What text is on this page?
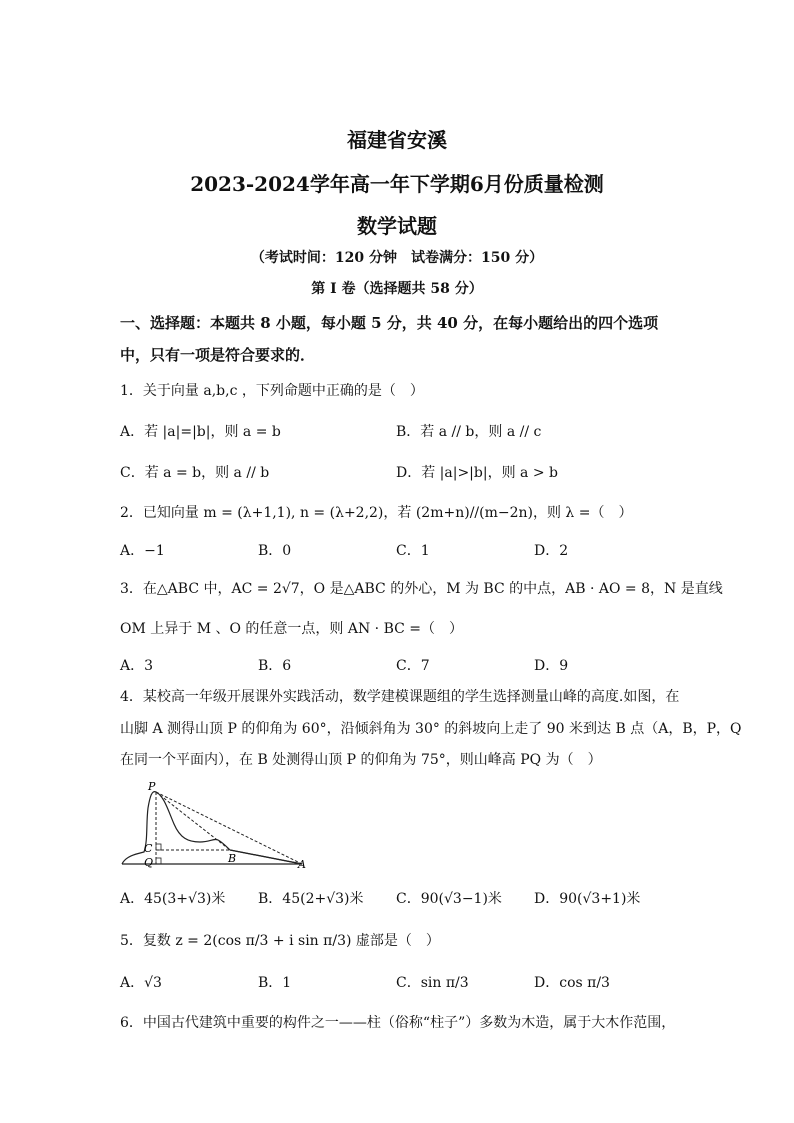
福建省安溪
2023-2024学年高一年下学期6月份质量检测
数学试题
（考试时间：120 分钟　试卷满分：150 分）
第 I 卷（选择题共 58 分）
一、选择题：本题共 8 小题，每小题 5 分，共 40 分，在每小题给出的四个选项
中，只有一项是符合要求的．
1．关于向量 a,b,c ，下列命题中正确的是（　）
A．若 |a|=|b|，则 a = b	B．若 a // b，则 a // c
C．若 a = b，则 a // b	D．若 |a|>|b|，则 a > b
2．已知向量 m = (λ+1,1), n = (λ+2,2)，若 (2m+n)//(m−2n)，则 λ =（　）
A．−1	B．0	C．1	D．2
3．在△ABC 中，AC = 2√7，O 是△ABC 的外心，M 为 BC 的中点，AB · AO = 8，N 是直线
OM 上异于 M 、O 的任意一点，则 AN · BC =（　）
A．3	B．6	C．7	D．9
4．某校高一年级开展课外实践活动，数学建模课题组的学生选择测量山峰的高度.如图，在
山脚 A 测得山顶 P 的仰角为 60°，沿倾斜角为 30° 的斜坡向上走了 90 米到达 B 点（A，B，P，Q
在同一个平面内），在 B 处测得山顶 P 的仰角为 75°，则山峰高 PQ 为（　）
P
C
Q	B	A
A．45(3+√3)米 B．45(2+√3)米 C．90(√3−1)米 D．90(√3+1)米
5．复数 z = 2(cos π/3 + i sin π/3) 虚部是（　）
A．√3	B．1	C．sin π/3	D．cos π/3
6．中国古代建筑中重要的构件之一——柱（俗称“柱子”）多数为木造，属于大木作范围，
